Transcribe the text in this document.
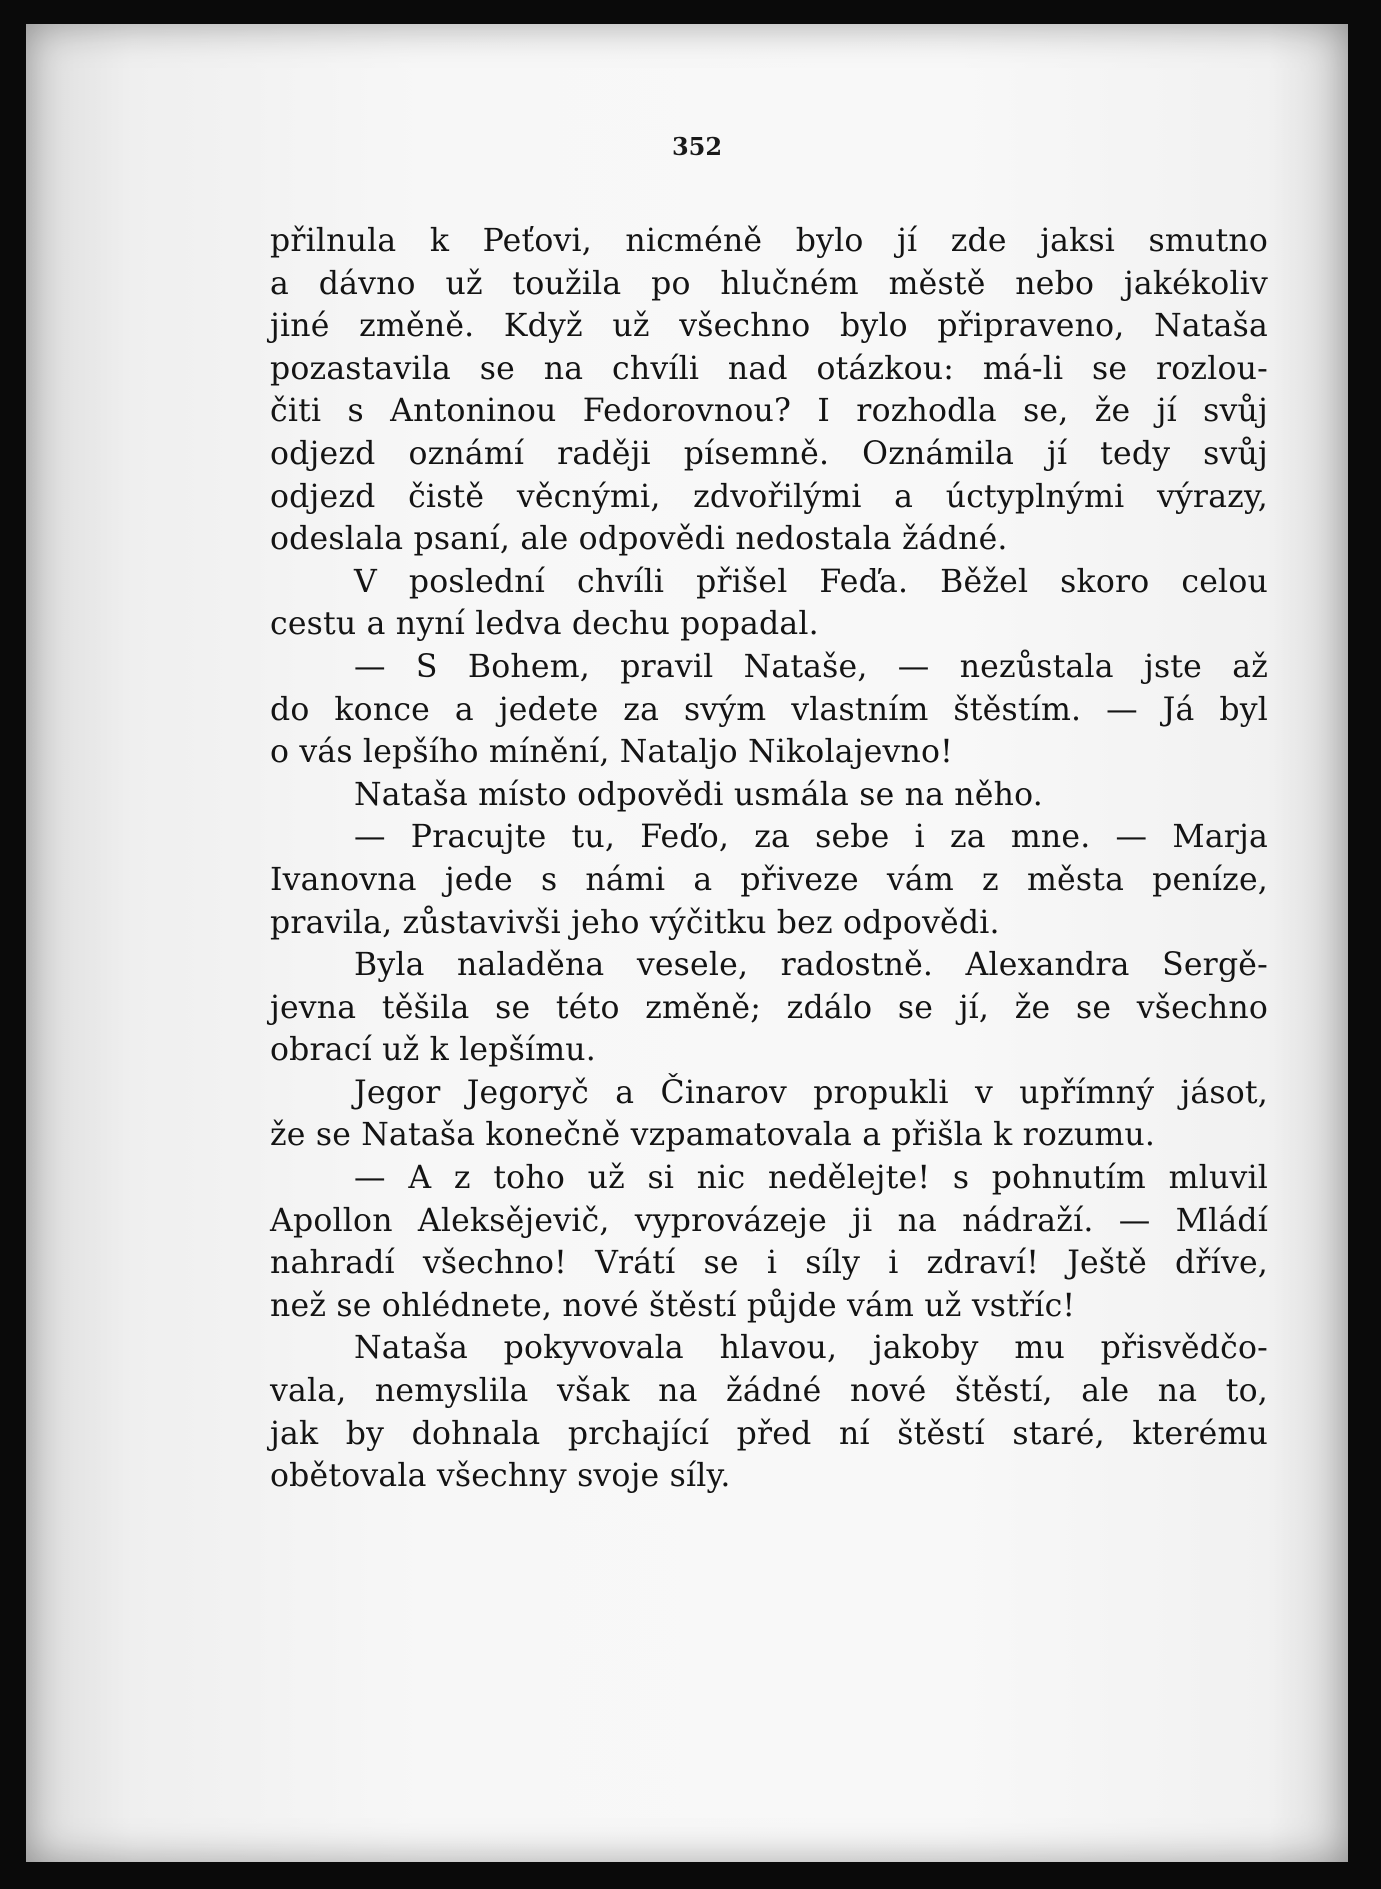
352
přilnula k Peťovi, nicméně bylo jí zde jaksi smutno
a dávno už toužila po hlučném městě nebo jakékoliv
jiné změně. Když už všechno bylo připraveno, Nataša
pozastavila se na chvíli nad otázkou: má-li se rozlou-
čiti s Antoninou Fedorovnou? I rozhodla se, že jí svůj
odjezd oznámí raději písemně. Oznámila jí tedy svůj
odjezd čistě věcnými, zdvořilými a úctyplnými výrazy,
odeslala psaní, ale odpovědi nedostala žádné.
V poslední chvíli přišel Feďa. Běžel skoro celou
cestu a nyní ledva dechu popadal.
— S Bohem, pravil Nataše, — nezůstala jste až
do konce a jedete za svým vlastním štěstím. — Já byl
o vás lepšího mínění, Nataljo Nikolajevno!
Nataša místo odpovědi usmála se na něho.
— Pracujte tu, Feďo, za sebe i za mne. — Marja
Ivanovna jede s námi a přiveze vám z města peníze,
pravila, zůstavivši jeho výčitku bez odpovědi.
Byla naladěna vesele, radostně. Alexandra Sergě-
jevna těšila se této změně; zdálo se jí, že se všechno
obrací už k lepšímu.
Jegor Jegoryč a Činarov propukli v upřímný jásot,
že se Nataša konečně vzpamatovala a přišla k rozumu.
— A z toho už si nic nedělejte! s pohnutím mluvil
Apollon Aleksějevič, vyprovázeje ji na nádraží. — Mládí
nahradí všechno! Vrátí se i síly i zdraví! Ještě dříve,
než se ohlédnete, nové štěstí půjde vám už vstříc!
Nataša pokyvovala hlavou, jakoby mu přisvědčo-
vala, nemyslila však na žádné nové štěstí, ale na to,
jak by dohnala prchající před ní štěstí staré, kterému
obětovala všechny svoje síly.
